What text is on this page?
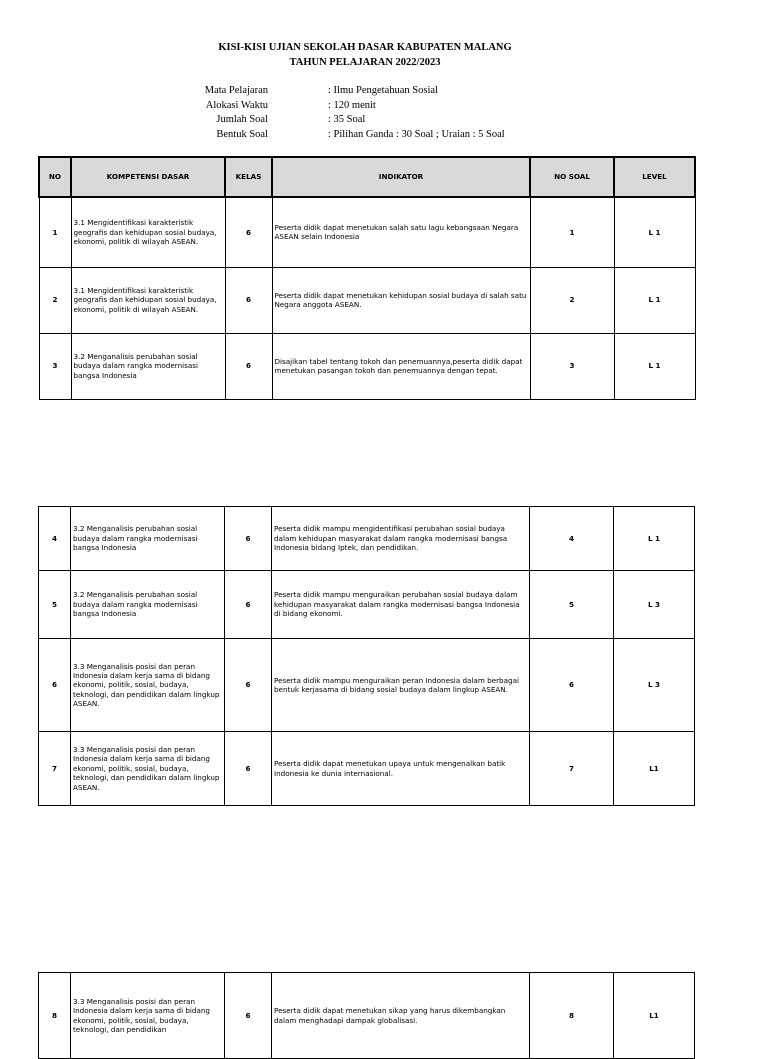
KISI-KISI UJIAN SEKOLAH DASAR KABUPATEN MALANG
TAHUN PELAJARAN 2022/2023
Mata Pelajaran	: Ilmu Pengetahuan Sosial
Alokasi Waktu	: 120 menit
Jumlah Soal	: 35 Soal
Bentuk Soal	: Pilihan Ganda : 30 Soal ; Uraian : 5 Soal
NO	KOMPETENSI DASAR	KELAS	INDIKATOR	NO SOAL	LEVEL
1	3.1 Mengidentifikasi karakteristik geografis dan kehidupan sosial budaya, ekonomi, politik di wilayah ASEAN.	6	Peserta didik dapat menetukan salah satu lagu kebangsaan Negara ASEAN selain Indonesia	1	L 1
2	3.1 Mengidentifikasi karakteristik geografis dan kehidupan sosial budaya, ekonomi, politik di wilayah ASEAN.	6	Peserta didik dapat menetukan kehidupan sosial budaya di salah satu Negara anggota ASEAN.	2	L 1
3	3.2 Menganalisis perubahan sosial budaya dalam rangka modernisasi bangsa Indonesia	6	Disajikan tabel tentang tokoh dan penemuannya,peserta didik dapat menetukan pasangan tokoh dan penemuannya dengan tepat.	3	L 1
4	3.2 Menganalisis perubahan sosial budaya dalam rangka modernisasi bangsa Indonesia	6	Peserta didik mampu mengidentifikasi perubahan sosial budaya dalam kehidupan masyarakat dalam rangka modernisasi bangsa Indonesia bidang Iptek, dan pendidikan.	4	L 1
5	3.2 Menganalisis perubahan sosial budaya dalam rangka modernisasi bangsa Indonesia	6	Peserta didik mampu menguraikan perubahan sosial budaya dalam kehidupan masyarakat dalam rangka modernisasi bangsa Indonesia di bidang ekonomi.	5	L 3
6	3.3 Menganalisis posisi dan peran Indonesia dalam kerja sama di bidang ekonomi, politik, sosial, budaya, teknologi, dan pendidikan dalam lingkup ASEAN.	6	Peserta didik mampu menguraikan peran Indonesia dalam berbagai bentuk kerjasama di bidang sosial budaya dalam lingkup ASEAN.	6	L 3
7	3.3 Menganalisis posisi dan peran Indonesia dalam kerja sama di bidang ekonomi, politik, sosial, budaya, teknologi, dan pendidikan dalam lingkup ASEAN.	6	Peserta didik dapat menetukan upaya untuk mengenalkan batik Indonesia ke dunia internasional.	7	L1
8	3.3 Menganalisis posisi dan peran Indonesia dalam kerja sama di bidang ekonomi, politik, sosial, budaya, teknologi, dan pendidikan	6	Peserta didik dapat menetukan sikap yang harus dikembangkan dalam menghadapi dampak globalisasi.	8	L1
